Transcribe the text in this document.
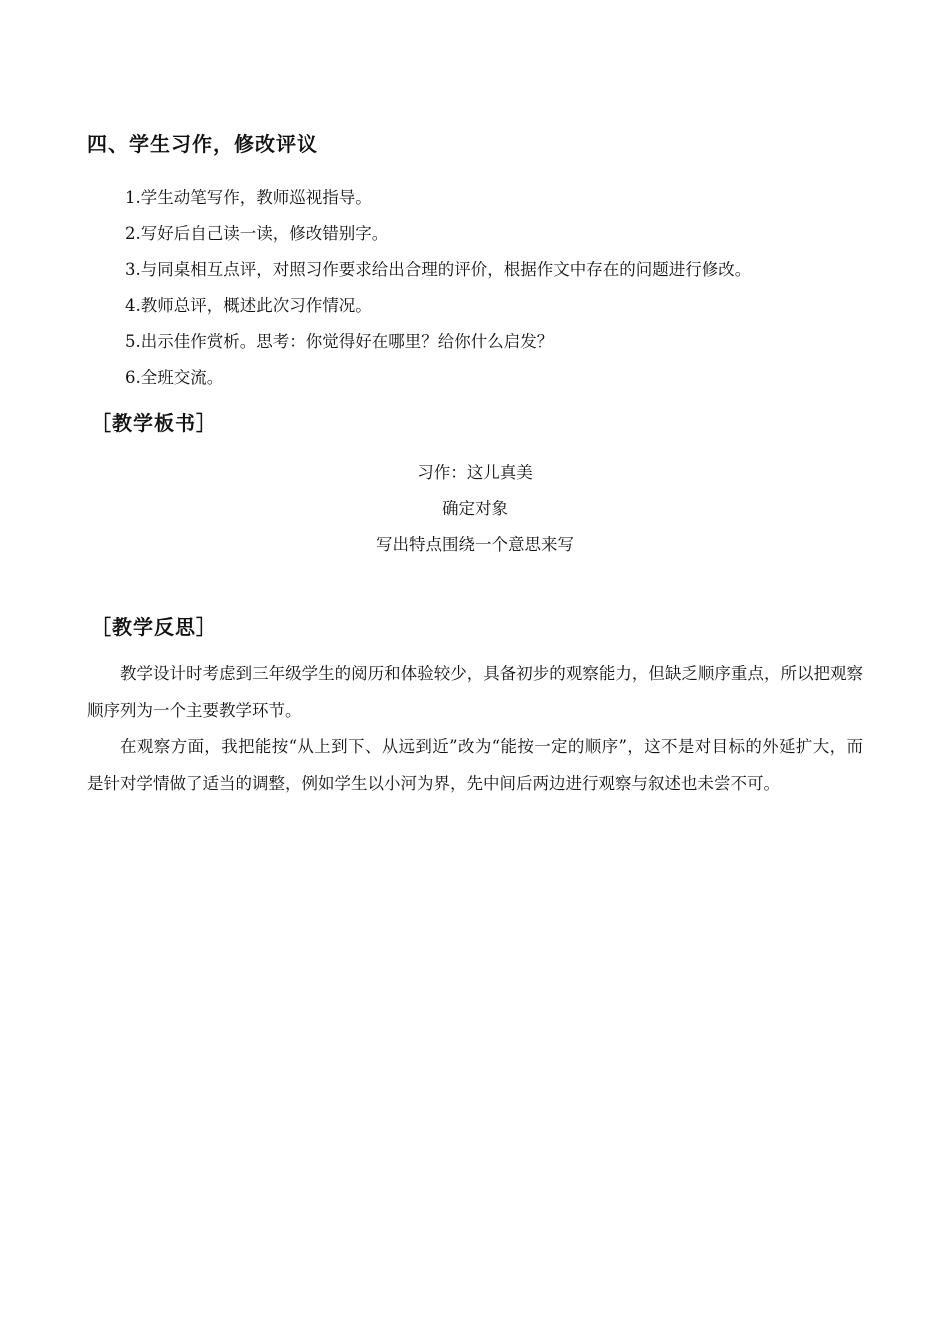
四、学生习作，修改评议
1.学生动笔写作，教师巡视指导。
2.写好后自己读一读，修改错别字。
3.与同桌相互点评，对照习作要求给出合理的评价，根据作文中存在的问题进行修改。
4.教师总评，概述此次习作情况。
5.出示佳作赏析。思考：你觉得好在哪里？给你什么启发？
6.全班交流。
［教学板书］
习作：这儿真美
确定对象
写出特点围绕一个意思来写
［教学反思］

教学设计时考虑到三年级学生的阅历和体验较少，具备初步的观察能力，但缺乏顺序重点，所以把观察顺序列为一个主要教学环节。

在观察方面，我把能按“从上到下、从远到近”改为“能按一定的顺序”，这不是对目标的外延扩大，而是针对学情做了适当的调整，例如学生以小河为界，先中间后两边进行观察与叙述也未尝不可。
